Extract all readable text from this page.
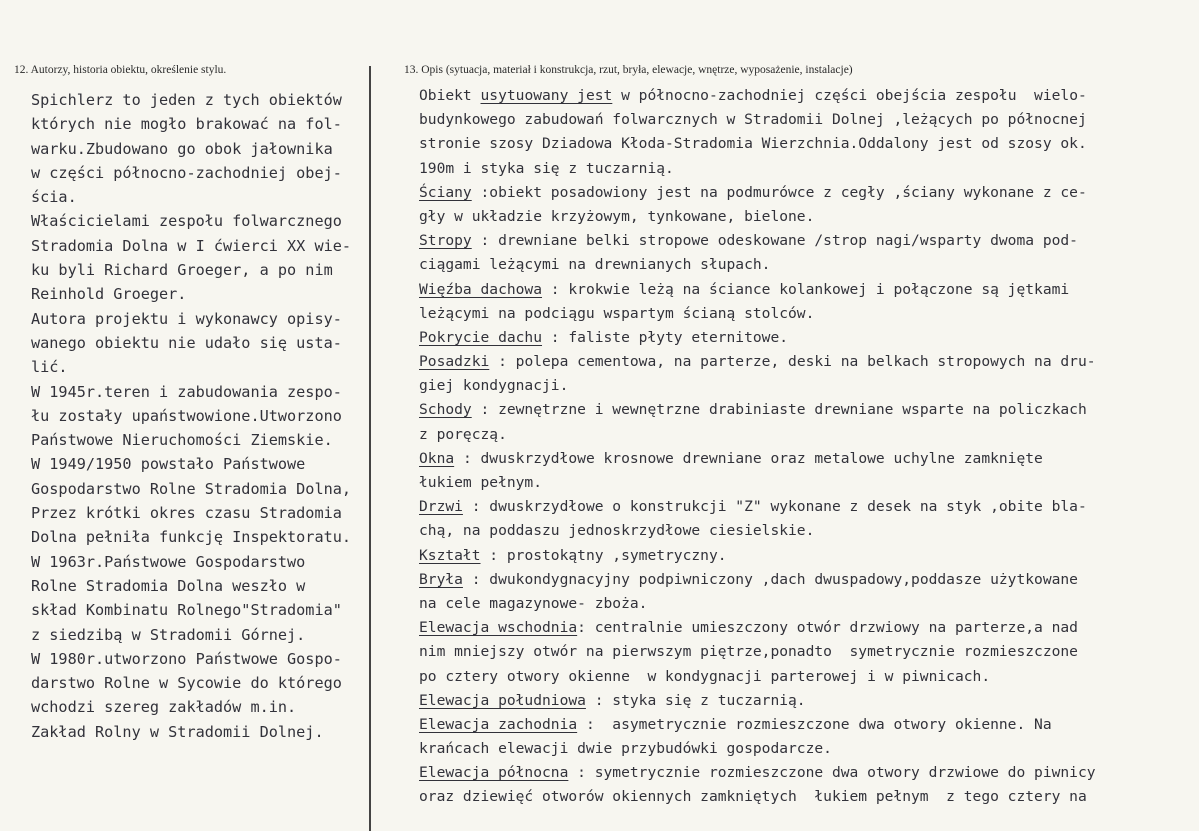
12. Autorzy, historia obiektu, określenie stylu.	13. Opis (sytuacja, materiał i konstrukcja, rzut, bryła, elewacje, wnętrze, wyposażenie, instalacje)
Spichlerz to jeden z tych obiektów
których nie mogło brakować na fol-
warku.Zbudowano go obok jałownika
w części północno-zachodniej obej-
ścia.
Właścicielami zespołu folwarcznego
Stradomia Dolna w I ćwierci XX wie-
ku byli Richard Groeger, a po nim
Reinhold Groeger.
Autora projektu i wykonawcy opisy-
wanego obiektu nie udało się usta-
lić.
W 1945r.teren i zabudowania zespo-
łu zostały upaństwowione.Utworzono
Państwowe Nieruchomości Ziemskie.
W 1949/1950 powstało Państwowe
Gospodarstwo Rolne Stradomia Dolna,
Przez krótki okres czasu Stradomia
Dolna pełniła funkcję Inspektoratu.
W 1963r.Państwowe Gospodarstwo
Rolne Stradomia Dolna weszło w
skład Kombinatu Rolnego"Stradomia"
z siedzibą w Stradomii Górnej.
W 1980r.utworzono Państwowe Gospo-
darstwo Rolne w Sycowie do którego
wchodzi szereg zakładów m.in.
Zakład Rolny w Stradomii Dolnej.
Obiekt usytuowany jest w północno-zachodniej części obejścia zespołu  wielo-
budynkowego zabudowań folwarcznych w Stradomii Dolnej ,leżących po północnej
stronie szosy Dziadowa Kłoda-Stradomia Wierzchnia.Oddalony jest od szosy ok.
190m i styka się z tuczarnią.
Ściany :obiekt posadowiony jest na podmurówce z cegły ,ściany wykonane z ce-
gły w układzie krzyżowym, tynkowane, bielone.
Stropy : drewniane belki stropowe odeskowane /strop nagi/wsparty dwoma pod-
ciągami leżącymi na drewnianych słupach.
Więźba dachowa : krokwie leżą na ściance kolankowej i połączone są jętkami
leżącymi na podciągu wspartym ścianą stolców.
Pokrycie dachu : faliste płyty eternitowe.
Posadzki : polepa cementowa, na parterze, deski na belkach stropowych na dru-
giej kondygnacji.
Schody : zewnętrzne i wewnętrzne drabiniaste drewniane wsparte na policzkach
z poręczą.
Okna : dwuskrzydłowe krosnowe drewniane oraz metalowe uchylne zamknięte
łukiem pełnym.
Drzwi : dwuskrzydłowe o konstrukcji "Z" wykonane z desek na styk ,obite bla-
chą, na poddaszu jednoskrzydłowe ciesielskie.
Kształt : prostokątny ,symetryczny.
Bryła : dwukondygnacyjny podpiwniczony ,dach dwuspadowy,poddasze użytkowane
na cele magazynowe- zboża.
Elewacja wschodnia: centralnie umieszczony otwór drzwiowy na parterze,a nad
nim mniejszy otwór na pierwszym piętrze,ponadto  symetrycznie rozmieszczone
po cztery otwory okienne  w kondygnacji parterowej i w piwnicach.
Elewacja południowa : styka się z tuczarnią.
Elewacja zachodnia :  asymetrycznie rozmieszczone dwa otwory okienne. Na
krańcach elewacji dwie przybudówki gospodarcze.
Elewacja północna : symetrycznie rozmieszczone dwa otwory drzwiowe do piwnicy
oraz dziewięć otworów okiennych zamkniętych  łukiem pełnym  z tego cztery na
